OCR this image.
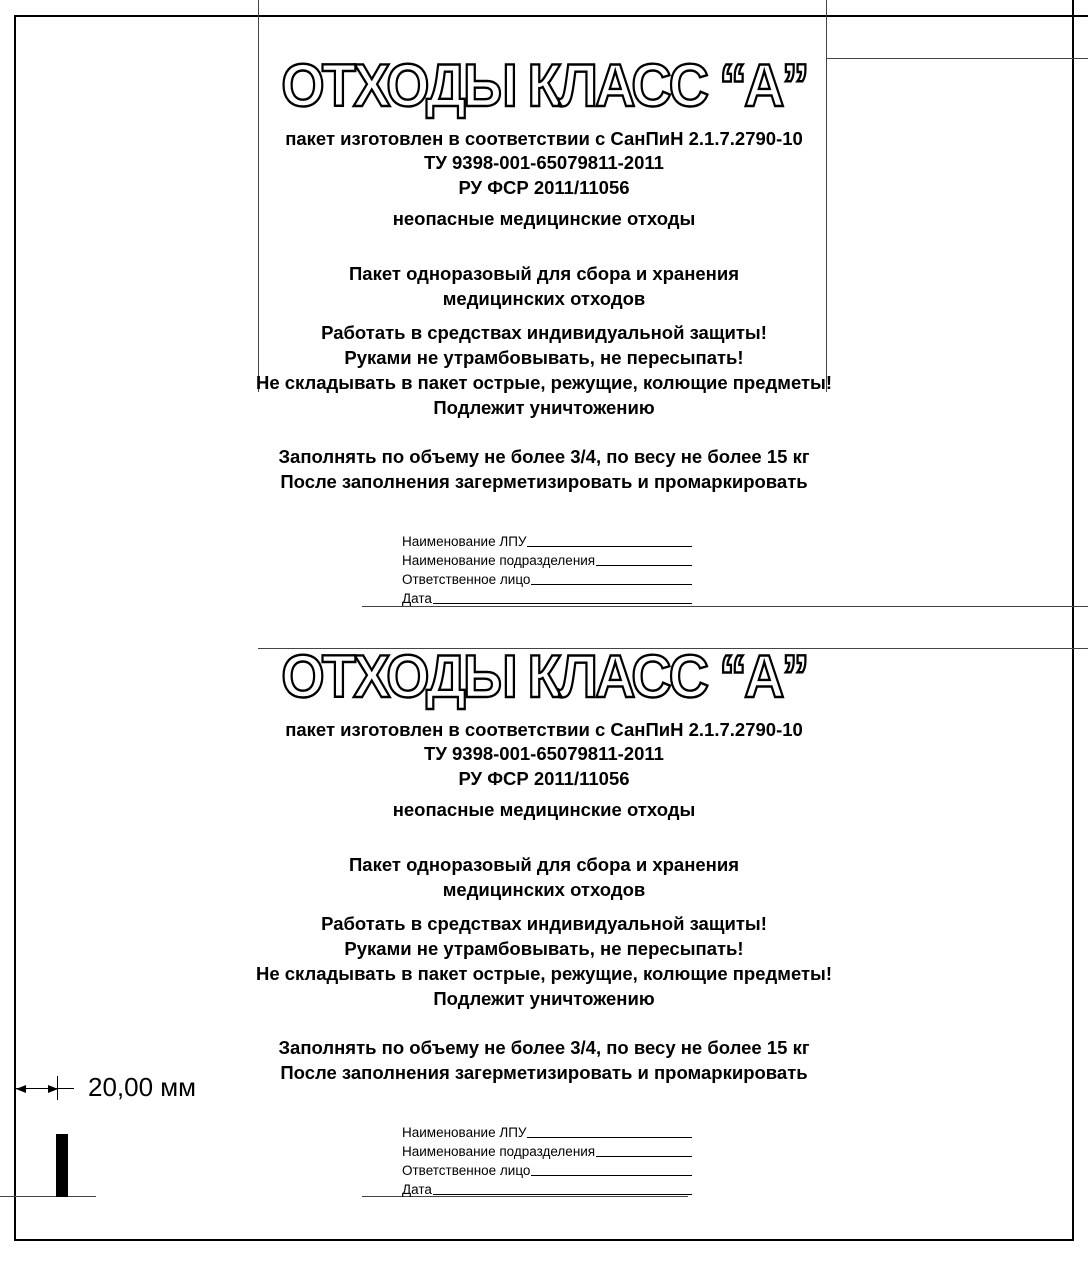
20,00 мм
ОТХОДЫ КЛАСС “А”
пакет изготовлен в соответствии с СанПиН 2.1.7.2790-10
ТУ 9398-001-65079811-2011
РУ ФСР 2011/11056
неопасные медицинские отходы
Пакет одноразовый для сбора и хранения
медицинских отходов
Работать в средствах индивидуальной защиты!
Руками не утрамбовывать, не пересыпать!
Не складывать в пакет острые, режущие, колющие предметы!
Подлежит уничтожению
Заполнять по объему не более 3/4, по весу не более 15 кг
После заполнения загерметизировать и промаркировать
Наименование ЛПУ
Наименование подразделения
Ответственное лицо
Дата
ОТХОДЫ КЛАСС “А”
пакет изготовлен в соответствии с СанПиН 2.1.7.2790-10
ТУ 9398-001-65079811-2011
РУ ФСР 2011/11056
неопасные медицинские отходы
Пакет одноразовый для сбора и хранения
медицинских отходов
Работать в средствах индивидуальной защиты!
Руками не утрамбовывать, не пересыпать!
Не складывать в пакет острые, режущие, колющие предметы!
Подлежит уничтожению
Заполнять по объему не более 3/4, по весу не более 15 кг
После заполнения загерметизировать и промаркировать
Наименование ЛПУ
Наименование подразделения
Ответственное лицо
Дата
